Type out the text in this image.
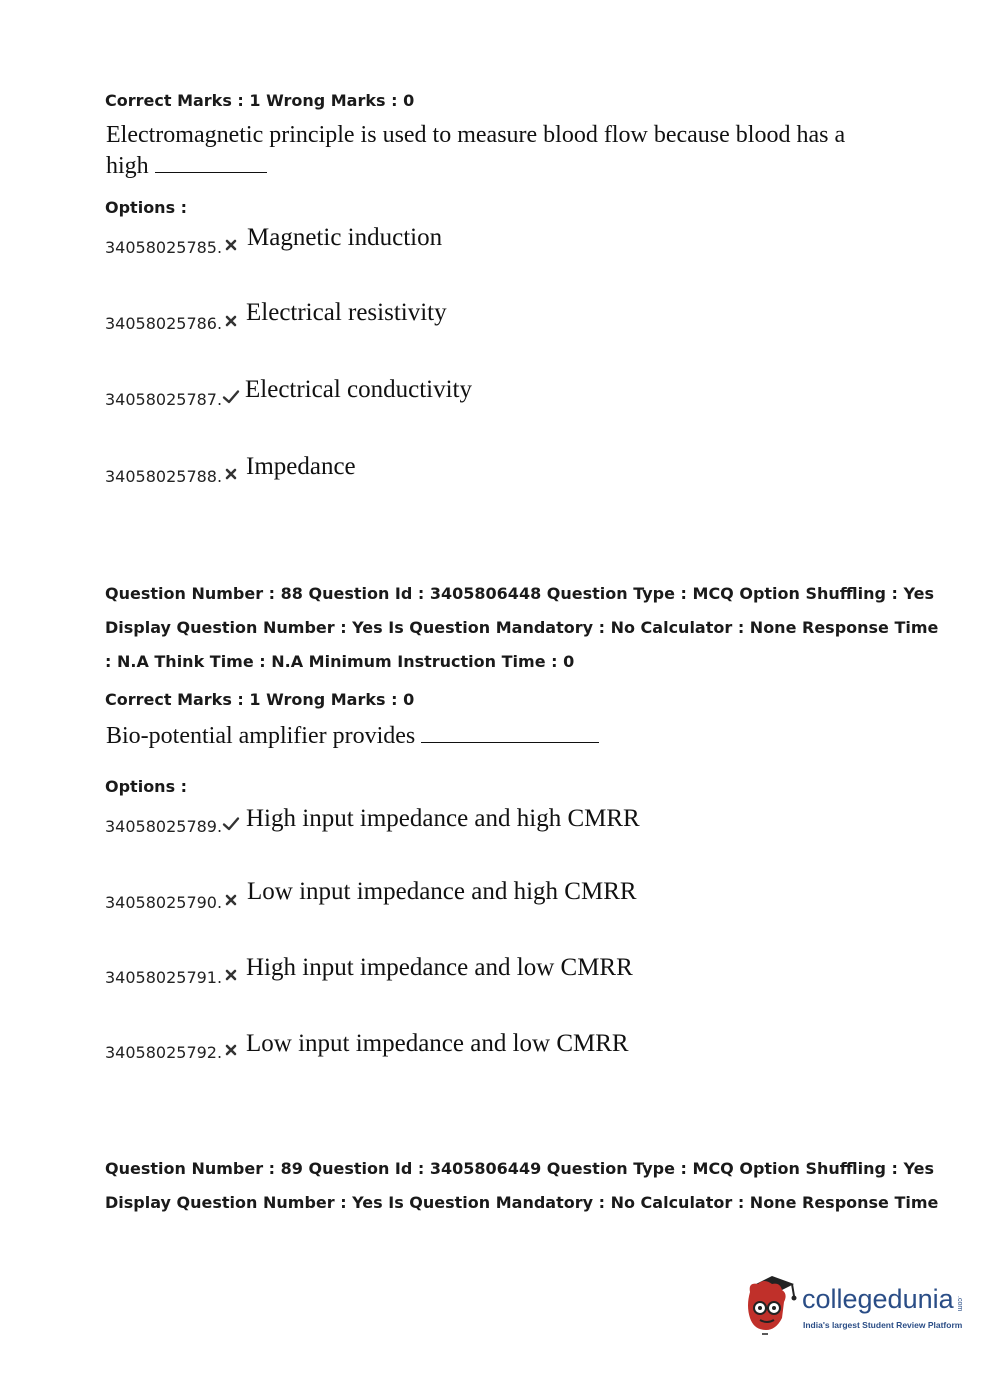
Correct Marks : 1 Wrong Marks : 0
Electromagnetic principle is used to measure blood flow because blood has a
high
Options :
34058025785. Magnetic induction
34058025786. Electrical resistivity
34058025787. Electrical conductivity
34058025788. Impedance
Question Number : 88 Question Id : 3405806448 Question Type : MCQ Option Shuffling : Yes
Display Question Number : Yes Is Question Mandatory : No Calculator : None Response Time
: N.A Think Time : N.A Minimum Instruction Time : 0
Correct Marks : 1 Wrong Marks : 0
Bio-potential amplifier provides
Options :
34058025789. High input impedance and high CMRR
34058025790. Low input impedance and high CMRR
34058025791. High input impedance and low CMRR
34058025792. Low input impedance and low CMRR
Question Number : 89 Question Id : 3405806449 Question Type : MCQ Option Shuffling : Yes
Display Question Number : Yes Is Question Mandatory : No Calculator : None Response Time
collegedunia .com
India's largest Student Review Platform
